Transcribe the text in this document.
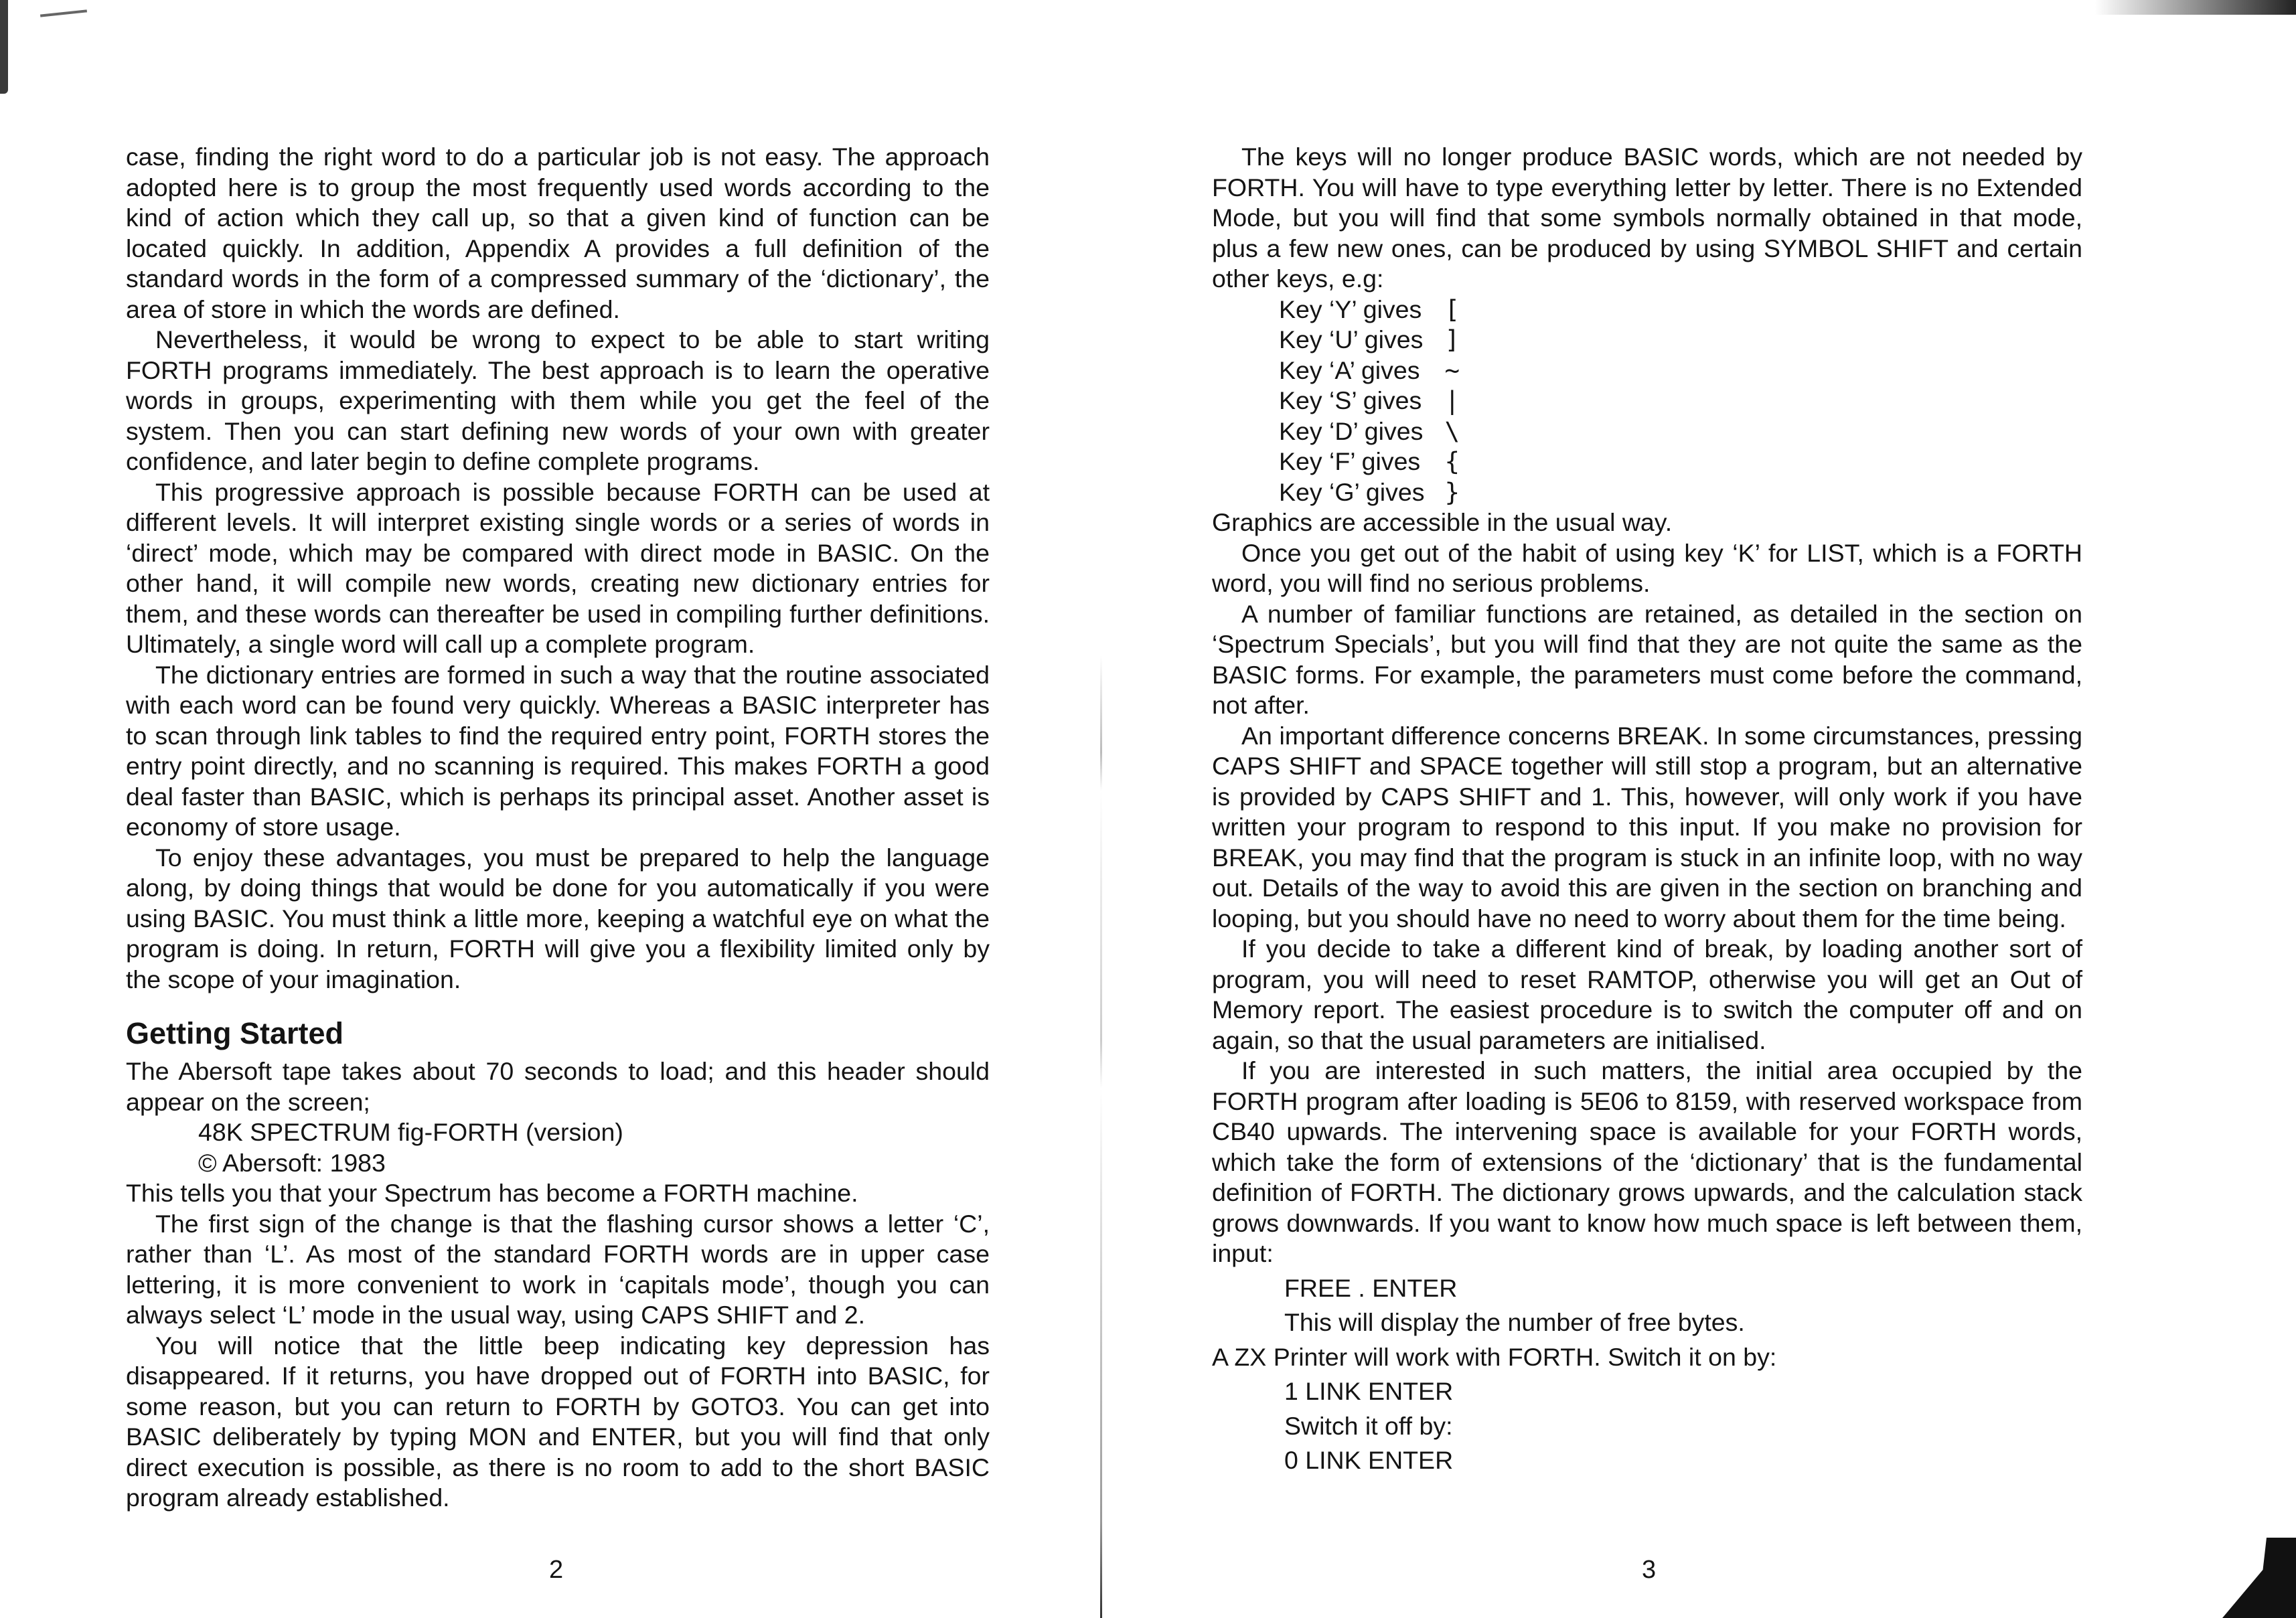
case, finding the right word to do a particular job is not easy. The approach adopted here is to group the most frequently used words according to the kind of action which they call up, so that a given kind of function can be located quickly. In addition, Appendix A provides a full definition of the standard words in the form of a compressed summary of the ‘dictionary’, the area of store in which the words are defined.

Nevertheless, it would be wrong to expect to be able to start writing FORTH programs immediately. The best approach is to learn the operative words in groups, experimenting with them while you get the feel of the system. Then you can start defining new words of your own with greater confidence, and later begin to define complete programs.

This progressive approach is possible because FORTH can be used at different levels. It will interpret existing single words or a series of words in ‘direct’ mode, which may be compared with direct mode in BASIC. On the other hand, it will compile new words, creating new dictionary entries for them, and these words can thereafter be used in compiling further definitions. Ultimately, a single word will call up a complete program.

The dictionary entries are formed in such a way that the routine associated with each word can be found very quickly. Whereas a BASIC interpreter has to scan through link tables to find the required entry point, FORTH stores the entry point directly, and no scanning is required. This makes FORTH a good deal faster than BASIC, which is perhaps its principal asset. Another asset is economy of store usage.

To enjoy these advantages, you must be prepared to help the language along, by doing things that would be done for you automatically if you were using BASIC. You must think a little more, keeping a watchful eye on what the program is doing. In return, FORTH will give you a flexibility limited only by the scope of your imagination.

Getting Started

The Abersoft tape takes about 70 seconds to load; and this header should appear on the screen;

48K SPECTRUM fig-FORTH (version)
© Abersoft: 1983

This tells you that your Spectrum has become a FORTH machine.

The first sign of the change is that the flashing cursor shows a letter ‘C’, rather than ‘L’. As most of the standard FORTH words are in upper case lettering, it is more convenient to work in ‘capitals mode’, though you can always select ‘L’ mode in the usual way, using CAPS SHIFT and 2.

You will notice that the little beep indicating key depression has disappeared. If it returns, you have dropped out of FORTH into BASIC, for some reason, but you can return to FORTH by GOTO3. You can get into BASIC deliberately by typing MON and ENTER, but you will find that only direct execution is possible, as there is no room to add to the short BASIC program already established.

2

The keys will no longer produce BASIC words, which are not needed by FORTH. You will have to type everything letter by letter. There is no Extended Mode, but you will find that some symbols normally obtained in that mode, plus a few new ones, can be produced by using SYMBOL SHIFT and certain other keys, e.g:

Key ‘Y’ gives	[
Key ‘U’ gives	]
Key ‘A’ gives	~
Key ‘S’ gives	|
Key ‘D’ gives	\
Key ‘F’ gives	{
Key ‘G’ gives	}

Graphics are accessible in the usual way.

Once you get out of the habit of using key ‘K’ for LIST, which is a FORTH word, you will find no serious problems.

A number of familiar functions are retained, as detailed in the section on ‘Spectrum Specials’, but you will find that they are not quite the same as the BASIC forms. For example, the parameters must come before the command, not after.

An important difference concerns BREAK. In some circumstances, pressing CAPS SHIFT and SPACE together will still stop a program, but an alternative is provided by CAPS SHIFT and 1. This, however, will only work if you have written your program to respond to this input. If you make no provision for BREAK, you may find that the program is stuck in an infinite loop, with no way out. Details of the way to avoid this are given in the section on branching and looping, but you should have no need to worry about them for the time being.

If you decide to take a different kind of break, by loading another sort of program, you will need to reset RAMTOP, otherwise you will get an Out of Memory report. The easiest procedure is to switch the computer off and on again, so that the usual parameters are initialised.

If you are interested in such matters, the initial area occupied by the FORTH program after loading is 5E06 to 8159, with reserved workspace from CB40 upwards. The intervening space is available for your FORTH words, which take the form of extensions of the ‘dictionary’ that is the fundamental definition of FORTH. The dictionary grows upwards, and the calculation stack grows downwards. If you want to know how much space is left between them, input:

FREE . ENTER
This will display the number of free bytes.

A ZX Printer will work with FORTH. Switch it on by:

1 LINK ENTER
Switch it off by:
0 LINK ENTER
3
